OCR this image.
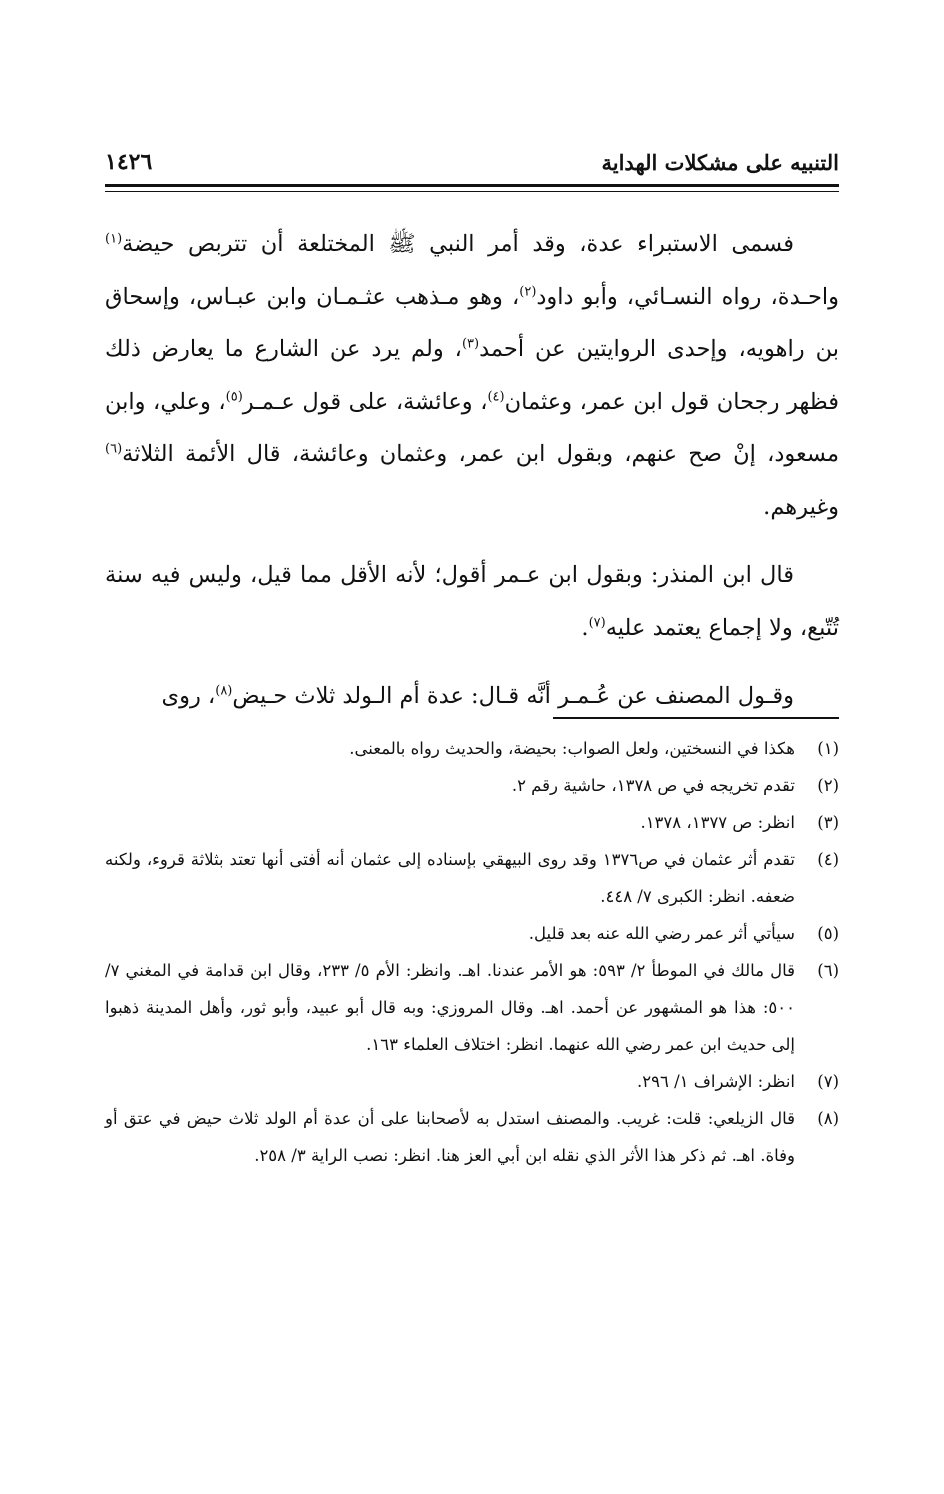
التنبيه على مشكلات الهداية
١٤٢٦

فسمى الاستبراء عدة، وقد أمر النبي ﷺ المختلعة أن تتربص حيضة$^{(١)}$ واحـدة، رواه النسـائي، وأبو داود$^{(٢)}$، وهو مـذهب عثـمـان وابن عبـاس، وإسحاق بن راهويه، وإحدى الروايتين عن أحمد$^{(٣)}$، ولم يرد عن الشارع ما يعارض ذلك فظهر رجحان قول ابن عمر، وعثمان$^{(٤)}$، وعائشة، على قول عـمـر$^{(٥)}$، وعلي، وابن مسعود، إنْ صح عنهم، وبقول ابن عمر، وعثمان وعائشة، قال الأئمة الثلاثة$^{(٦)}$ وغيرهم.

قال ابن المنذر: وبقول ابن عـمر أقول؛ لأنه الأقل مما قيل، وليس فيه سنة تُتّبع، ولا إجماع يعتمد عليه$^{(٧)}$.

وقـول المصنف عن عُـمـر أنَّه قـال: عدة أم الـولد ثلاث حـيض$^{(٨)}$، روى

(١)
هكذا في النسختين، ولعل الصواب: بحيضة، والحديث رواه بالمعنى.
(٢)
تقدم تخريجه في ص ١٣٧٨، حاشية رقم ٢.
(٣)
انظر: ص ١٣٧٧، ١٣٧٨.
(٤)
تقدم أثر عثمان في ص١٣٧٦ وقد روى البيهقي بإسناده إلى عثمان أنه أفتى أنها تعتد بثلاثة قروء، ولكنه ضعفه. انظر: الكبرى ٧/ ٤٤٨.
(٥)
سيأتي أثر عمر رضي الله عنه بعد قليل.
(٦)
قال مالك في الموطأ ٢/ ٥٩٣: هو الأمر عندنا. اهـ. وانظر: الأم ٥/ ٢٣٣، وقال ابن قدامة في المغني ٧/ ٥٠٠: هذا هو المشهور عن أحمد. اهـ. وقال المروزي: وبه قال أبو عبيد، وأبو ثور، وأهل المدينة ذهبوا إلى حديث ابن عمر رضي الله عنهما. انظر: اختلاف العلماء ١٦٣.
(٧)
انظر: الإشراف ١/ ٢٩٦.
(٨)
قال الزيلعي: قلت: غريب. والمصنف استدل به لأصحابنا على أن عدة أم الولد ثلاث حيض في عتق أو وفاة. اهـ. ثم ذكر هذا الأثر الذي نقله ابن أبي العز هنا. انظر: نصب الراية ٣/ ٢٥٨.
